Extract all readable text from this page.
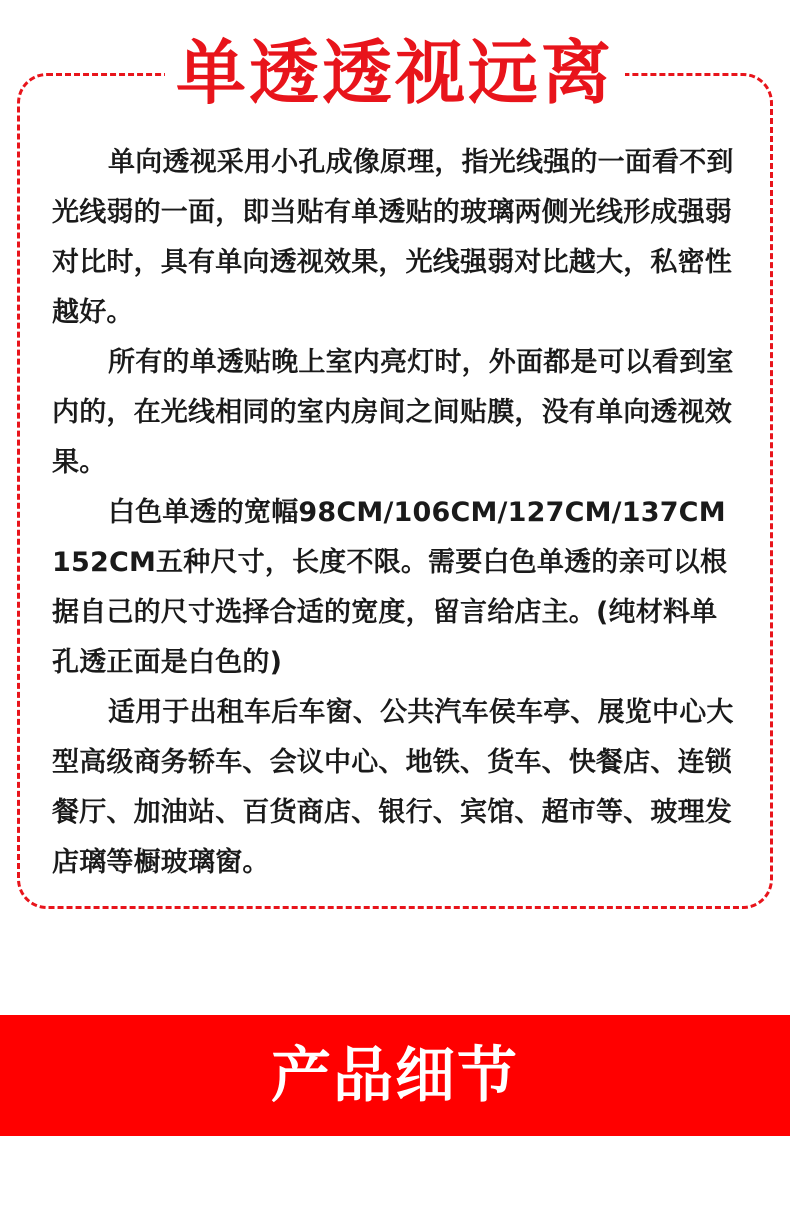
单透透视远离

单向透视采用小孔成像原理，指光线强的一面看不到光线弱的一面，即当贴有单透贴的玻璃两侧光线形成强弱对比时，具有单向透视效果，光线强弱对比越大，私密性越好。

所有的单透贴晚上室内亮灯时，外面都是可以看到室内的，在光线相同的室内房间之间贴膜，没有单向透视效果。

白色单透的宽幅98CM/106CM/127CM/137CM 152CM五种尺寸，长度不限。需要白色单透的亲可以根据自己的尺寸选择合适的宽度，留言给店主。(纯材料单孔透正面是白色的)

适用于出租车后车窗、公共汽车侯车亭、展览中心大型高级商务轿车、会议中心、地铁、货车、快餐店、连锁餐厅、加油站、百货商店、银行、宾馆、超市等、玻理发店璃等橱玻璃窗。

产品细节
